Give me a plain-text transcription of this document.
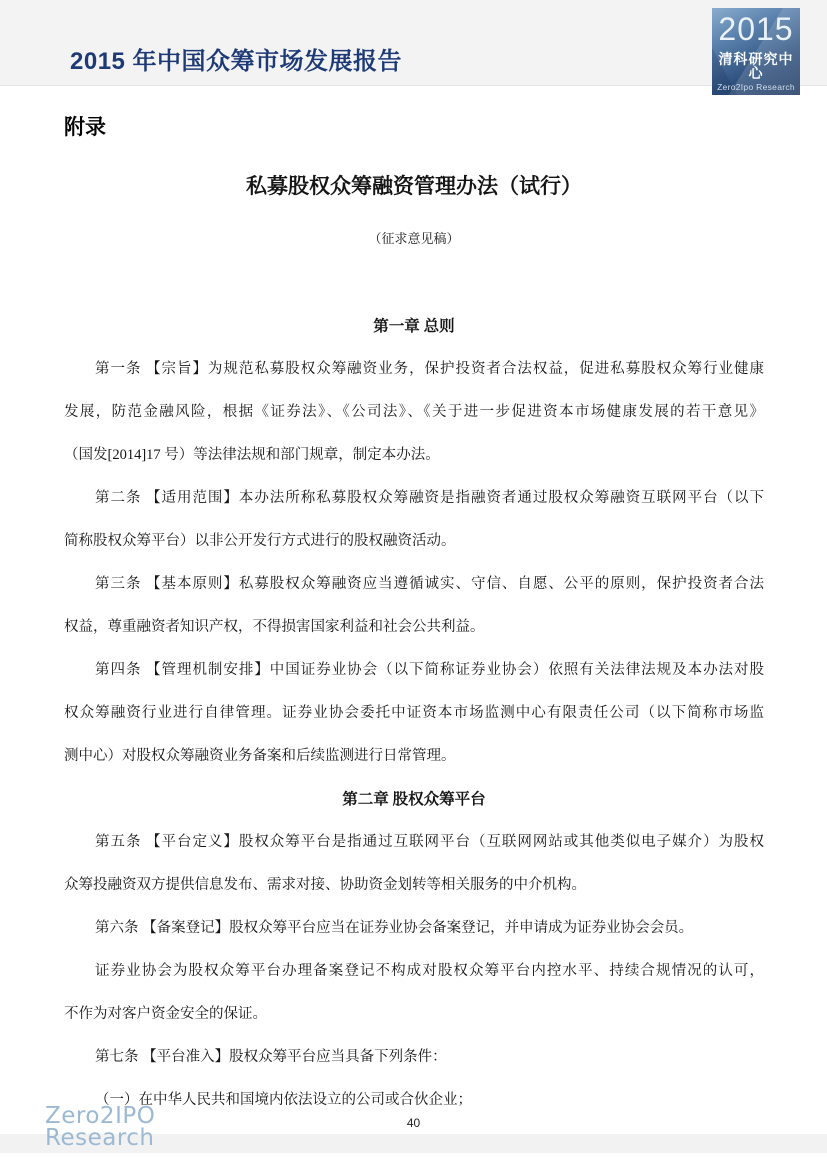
2015 年中国众筹市场发展报告
2015
清科研究中心
Zero2Ipo Research
附录
私募股权众筹融资管理办法（试行）
（征求意见稿）
第一章 总则
第一条 【宗旨】为规范私募股权众筹融资业务，保护投资者合法权益，促进私募股权众筹行业健康
发展，防范金融风险，根据《证券法》、《公司法》、《关于进一步促进资本市场健康发展的若干意见》
（国发[2014]17 号）等法律法规和部门规章，制定本办法。
第二条 【适用范围】本办法所称私募股权众筹融资是指融资者通过股权众筹融资互联网平台（以下
简称股权众筹平台）以非公开发行方式进行的股权融资活动。
第三条 【基本原则】私募股权众筹融资应当遵循诚实、守信、自愿、公平的原则，保护投资者合法
权益，尊重融资者知识产权，不得损害国家利益和社会公共利益。
第四条 【管理机制安排】中国证券业协会（以下简称证券业协会）依照有关法律法规及本办法对股
权众筹融资行业进行自律管理。证券业协会委托中证资本市场监测中心有限责任公司（以下简称市场监
测中心）对股权众筹融资业务备案和后续监测进行日常管理。
第二章 股权众筹平台
第五条 【平台定义】股权众筹平台是指通过互联网平台（互联网网站或其他类似电子媒介）为股权
众筹投融资双方提供信息发布、需求对接、协助资金划转等相关服务的中介机构。
第六条 【备案登记】股权众筹平台应当在证券业协会备案登记，并申请成为证券业协会会员。
证券业协会为股权众筹平台办理备案登记不构成对股权众筹平台内控水平、持续合规情况的认可，
不作为对客户资金安全的保证。
第七条 【平台准入】股权众筹平台应当具备下列条件：
（一）在中华人民共和国境内依法设立的公司或合伙企业；
Zero2IPO
Research
40
